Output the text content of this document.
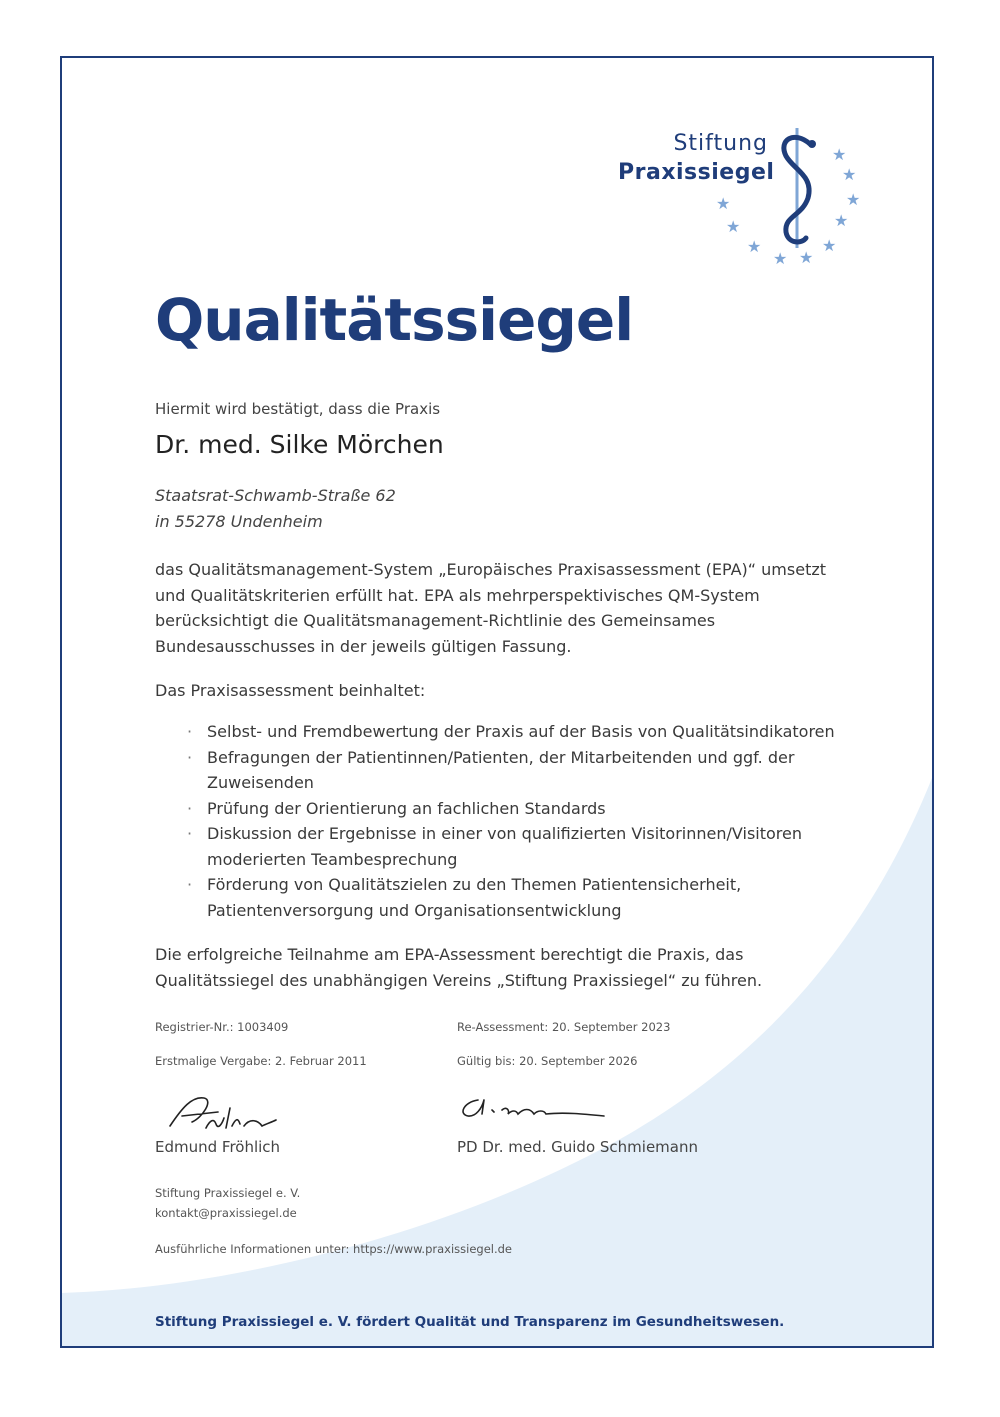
Stiftung
Praxissiegel
★
★
★
★
★
★
★
★
★
★
Qualitätssiegel
Hiermit wird bestätigt, dass die Praxis
Dr. med. Silke Mörchen
Staatsrat-Schwamb-Straße 62
in 55278 Undenheim
das Qualitätsmanagement-System „Europäisches Praxisassessment (EPA)“ umsetzt und Qualitätskriterien erfüllt hat. EPA als mehrperspektivisches QM-System berücksichtigt die Qualitätsmanagement-Richtlinie des Gemeinsames Bundesausschusses in der jeweils gültigen Fassung.
Das Praxisassessment beinhaltet:
· Selbst- und Fremdbewertung der Praxis auf der Basis von Qualitätsindikatoren
· Befragungen der Patientinnen/Patienten, der Mitarbeitenden und ggf. der Zuweisenden
· Prüfung der Orientierung an fachlichen Standards
· Diskussion der Ergebnisse in einer von qualifizierten Visitorinnen/Visitoren moderierten Teambesprechung
· Förderung von Qualitätszielen zu den Themen Patientensicherheit, Patientenversorgung und Organisationsentwicklung
Die erfolgreiche Teilnahme am EPA-Assessment berechtigt die Praxis, das Qualitätssiegel des unabhängigen Vereins „Stiftung Praxissiegel“ zu führen.
Registrier-Nr.: 1003409	Re-Assessment: 20. September 2023
Erstmalige Vergabe: 2. Februar 2011	Gültig bis: 20. September 2026
Edmund Fröhlich	PD Dr. med. Guido Schmiemann
Stiftung Praxissiegel e. V.
kontakt@praxissiegel.de
Ausführliche Informationen unter: https://www.praxissiegel.de
Stiftung Praxissiegel e. V. fördert Qualität und Transparenz im Gesundheitswesen.
